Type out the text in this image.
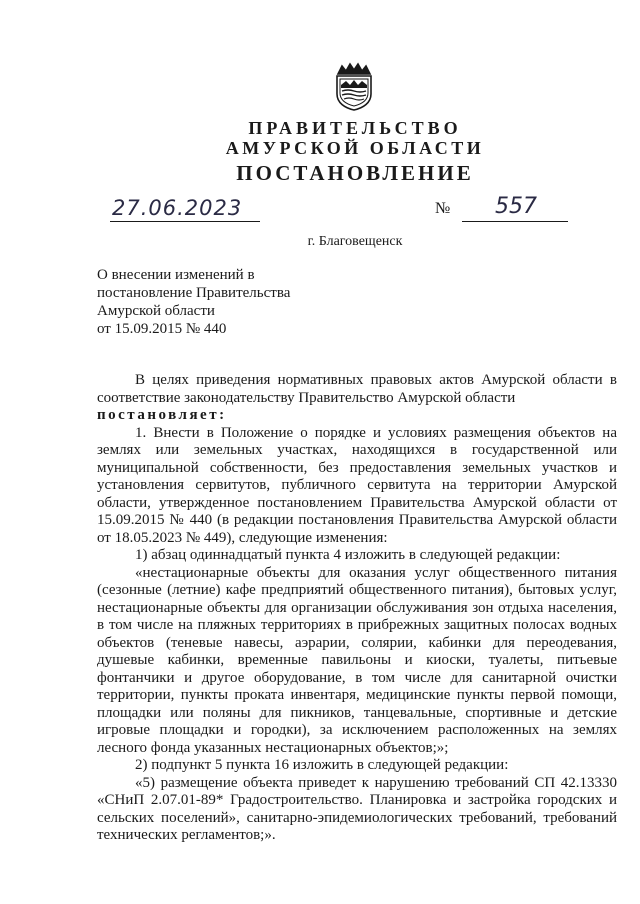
ПРАВИТЕЛЬСТВО
АМУРСКОЙ ОБЛАСТИ
ПОСТАНОВЛЕНИЕ
27.06.2023	№	557
г. Благовещенск
О внесении изменений в
постановление Правительства
Амурской области
от 15.09.2015 № 440
В целях приведения нормативных правовых актов Амурской области в
соответствие законодательству Правительство Амурской области
постановляет:
1. Внести в Положение о порядке и условиях размещения объектов на
землях или земельных участках, находящихся в государственной или
муниципальной собственности, без предоставления земельных участков и
установления сервитутов, публичного сервитута на территории Амурской
области, утвержденное постановлением Правительства Амурской области от
15.09.2015 № 440 (в редакции постановления Правительства Амурской области
от 18.05.2023 № 449), следующие изменения:
1) абзац одиннадцатый пункта 4 изложить в следующей редакции:
«нестационарные объекты для оказания услуг общественного питания
(сезонные (летние) кафе предприятий общественного питания), бытовых услуг,
нестационарные объекты для организации обслуживания зон отдыха населения,
в том числе на пляжных территориях в прибрежных защитных полосах водных
объектов (теневые навесы, аэрарии, солярии, кабинки для переодевания,
душевые кабинки, временные павильоны и киоски, туалеты, питьевые
фонтанчики и другое оборудование, в том числе для санитарной очистки
территории, пункты проката инвентаря, медицинские пункты первой помощи,
площадки или поляны для пикников, танцевальные, спортивные и детские
игровые площадки и городки), за исключением расположенных на землях
лесного фонда указанных нестационарных объектов;»;
2) подпункт 5 пункта 16 изложить в следующей редакции:
«5) размещение объекта приведет к нарушению требований СП 42.13330
«СНиП 2.07.01-89* Градостроительство. Планировка и застройка городских и
сельских поселений», санитарно-эпидемиологических требований, требований
технических регламентов;».
